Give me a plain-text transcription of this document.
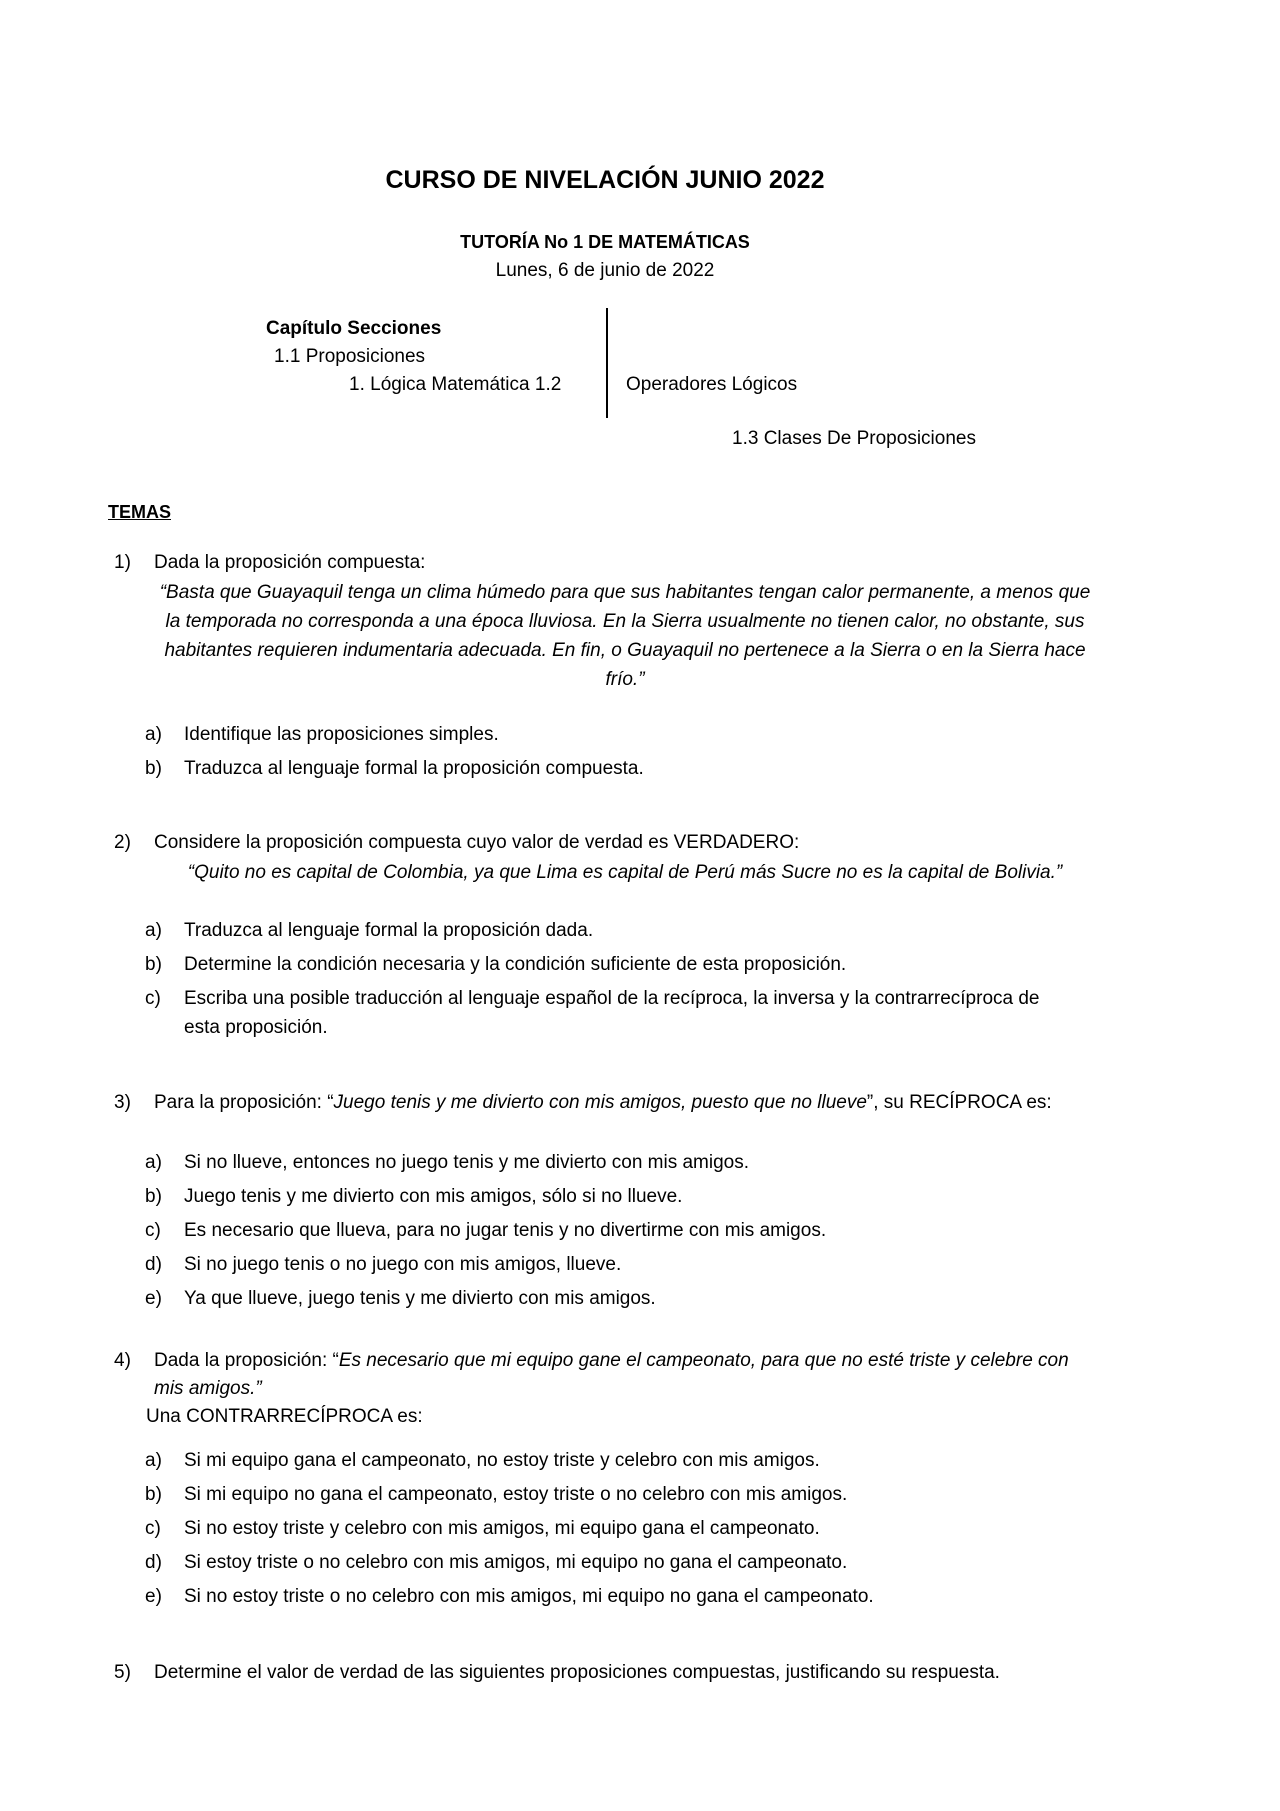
CURSO DE NIVELACIÓN JUNIO 2022
TUTORÍA No 1 DE MATEMÁTICAS
Lunes, 6 de junio de 2022
Capítulo Secciones
1.1 Proposiciones
1. Lógica Matemática 1.2	Operadores Lógicos
1.3 Clases De Proposiciones
TEMAS
1) Dada la proposición compuesta:
“Basta que Guayaquil tenga un clima húmedo para que sus habitantes tengan calor permanente, a menos que la temporada no corresponda a una época lluviosa. En la Sierra usualmente no tienen calor, no obstante, sus habitantes requieren indumentaria adecuada. En fin, o Guayaquil no pertenece a la Sierra o en la Sierra hace frío.”
a) Identifique las proposiciones simples.
b) Traduzca al lenguaje formal la proposición compuesta.
2) Considere la proposición compuesta cuyo valor de verdad es VERDADERO:
“Quito no es capital de Colombia, ya que Lima es capital de Perú más Sucre no es la capital de Bolivia.”
a) Traduzca al lenguaje formal la proposición dada.
b) Determine la condición necesaria y la condición suficiente de esta proposición.
c) Escriba una posible traducción al lenguaje español de la recíproca, la inversa y la contrarrecíproca de
esta proposición.
3) Para la proposición: “Juego tenis y me divierto con mis amigos, puesto que no llueve”, su RECÍPROCA es:
a) Si no llueve, entonces no juego tenis y me divierto con mis amigos.
b) Juego tenis y me divierto con mis amigos, sólo si no llueve.
c) Es necesario que llueva, para no jugar tenis y no divertirme con mis amigos.
d) Si no juego tenis o no juego con mis amigos, llueve.
e) Ya que llueve, juego tenis y me divierto con mis amigos.
4) Dada la proposición: “Es necesario que mi equipo gane el campeonato, para que no esté triste y celebre con
mis amigos.”
Una CONTRARRECÍPROCA es:
a) Si mi equipo gana el campeonato, no estoy triste y celebro con mis amigos.
b) Si mi equipo no gana el campeonato, estoy triste o no celebro con mis amigos.
c) Si no estoy triste y celebro con mis amigos, mi equipo gana el campeonato.
d) Si estoy triste o no celebro con mis amigos, mi equipo no gana el campeonato.
e) Si no estoy triste o no celebro con mis amigos, mi equipo no gana el campeonato.
5) Determine el valor de verdad de las siguientes proposiciones compuestas, justificando su respuesta.
